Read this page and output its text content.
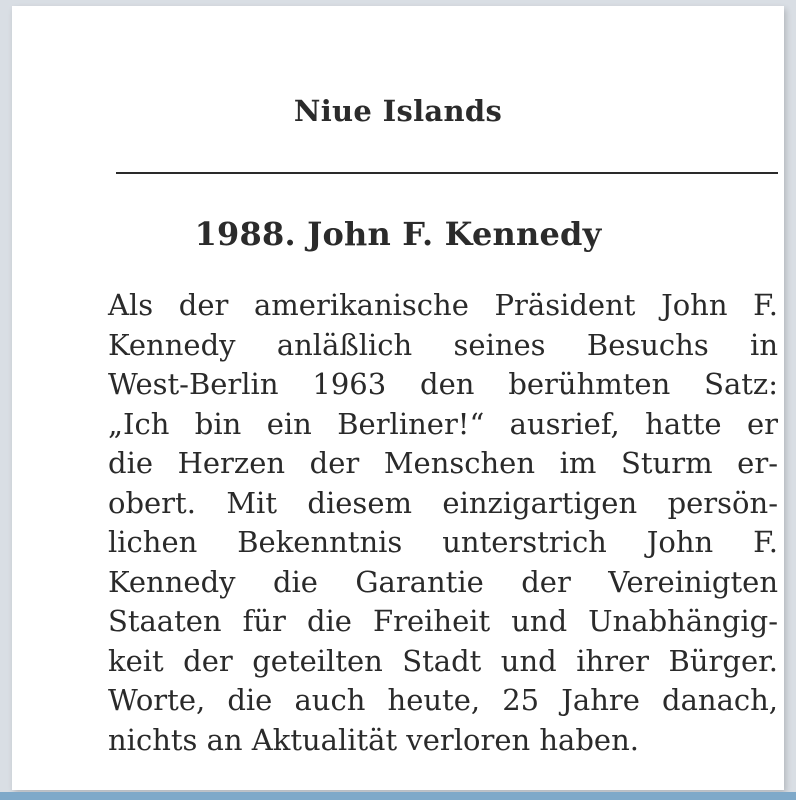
Niue Islands
1988. John F. Kennedy

Als der amerikanische Präsident John F.
Kennedy anläßlich seines Besuchs in
West-Berlin 1963 den berühmten Satz:
„Ich bin ein Berliner!“ ausrief, hatte er
die Herzen der Menschen im Sturm er-
obert. Mit diesem einzigartigen persön-
lichen Bekenntnis unterstrich John F.
Kennedy die Garantie der Vereinigten
Staaten für die Freiheit und Unabhängig-
keit der geteilten Stadt und ihrer Bürger.
Worte, die auch heute, 25 Jahre danach,
nichts an Aktualität verloren haben.
